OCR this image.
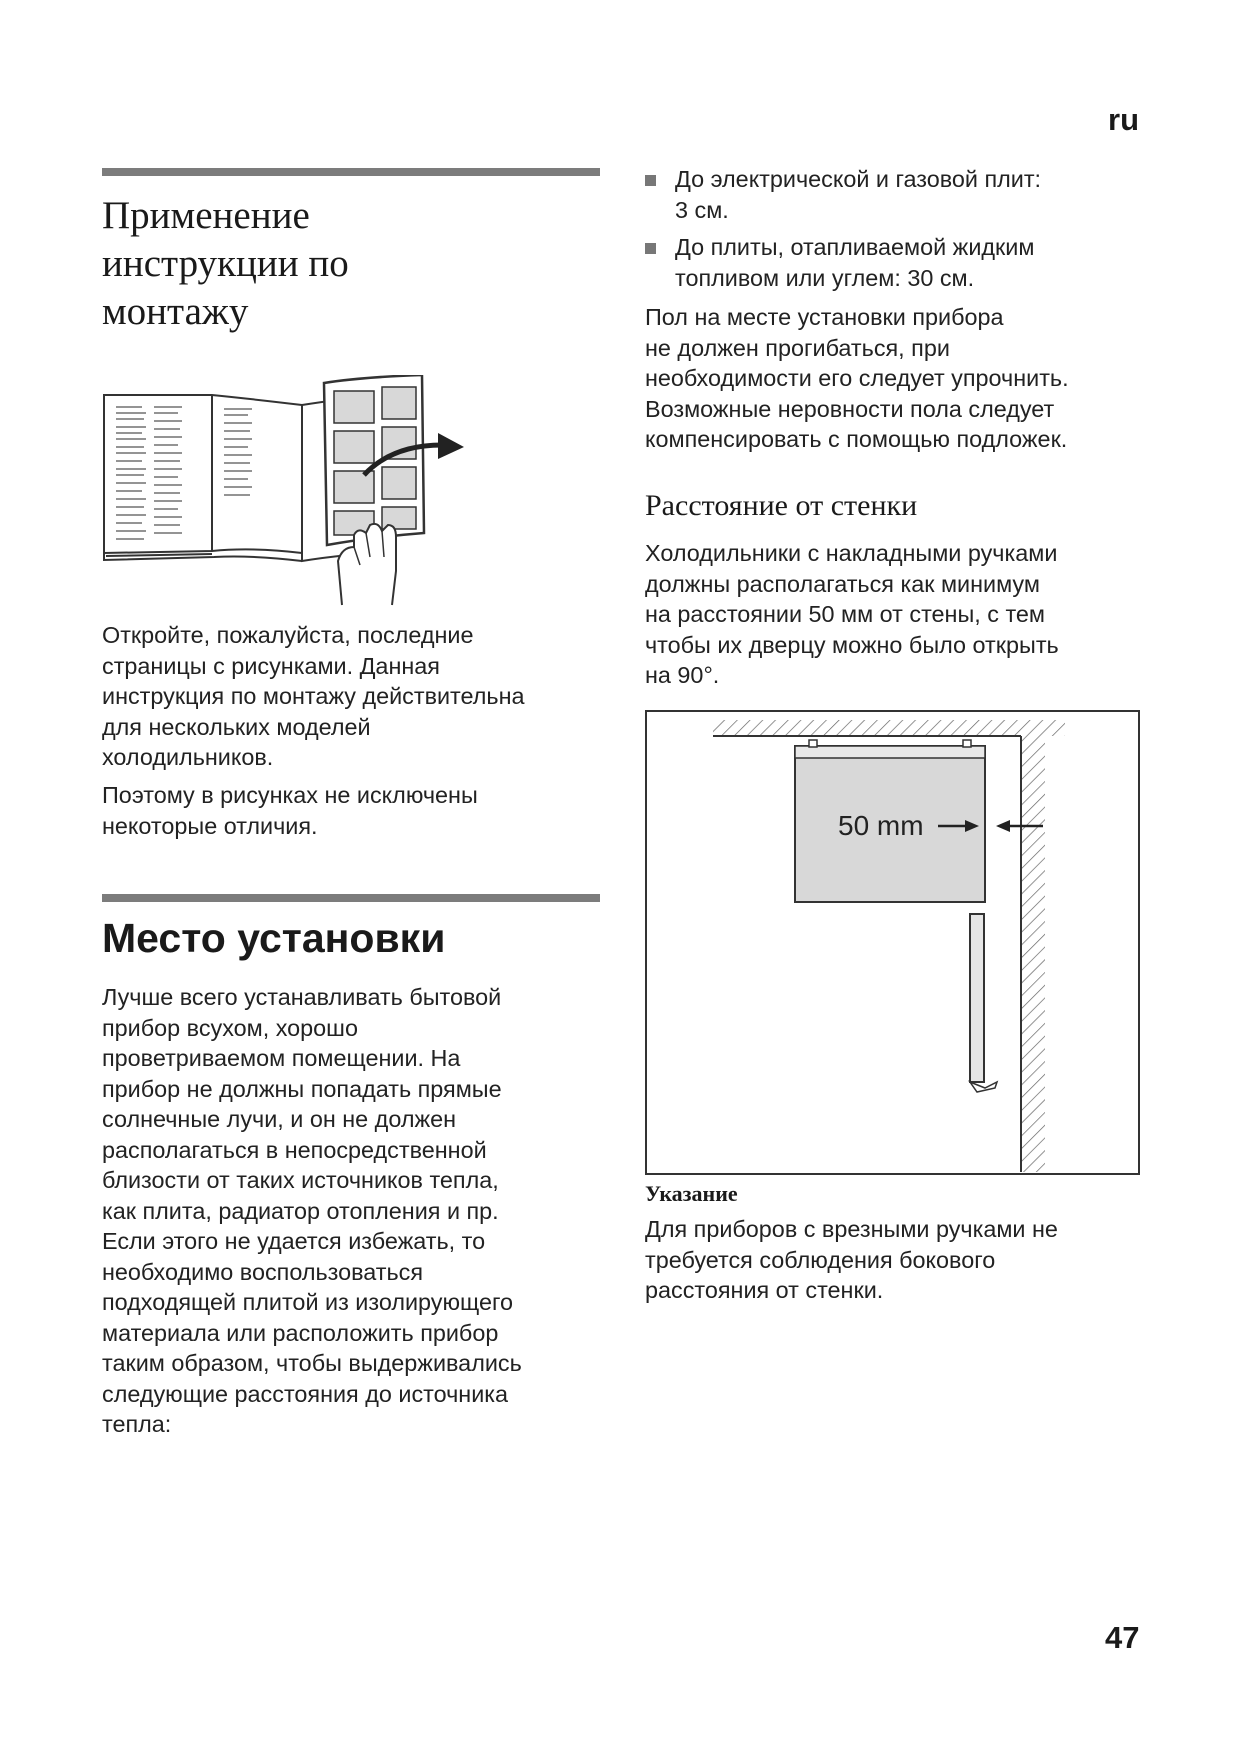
ru
Применение
инструкции по
монтажу
Откройте, пожалуйста, последние
страницы с рисунками. Данная
инструкция по монтажу действительна
для нескольких моделей
холодильников.
Поэтому в рисунках не исключены
некоторые отличия.
Место установки
Лучше всего устанавливать бытовой
прибор всухом, хорошо
проветриваемом помещении. На
прибор не должны попадать прямые
солнечные лучи, и он не должен
располагаться в непосредственной
близости от таких источников тепла,
как плита, радиатор отопления и пр.
Если этого не удается избежать, то
необходимо воспользоваться
подходящей плитой из изолирующего
материала или расположить прибор
таким образом, чтобы выдерживались
следующие расстояния до источника
тепла:
До электрической и газовой плит:
3 см.
До плиты, отапливаемой жидким
топливом или углем: 30 см.
Пол на месте установки прибора
не должен прогибаться, при
необходимости его следует упрочнить.
Возможные неровности пола следует
компенсировать с помощью подложек.
Расстояние от стенки
Холодильники с накладными ручками
должны располагаться как минимум
на расстоянии 50 мм от стены, с тем
чтобы их дверцу можно было открыть
на 90°.
50 mm
Указание
Для приборов с врезными ручками не
требуется соблюдения бокового
расстояния от стенки.
47
